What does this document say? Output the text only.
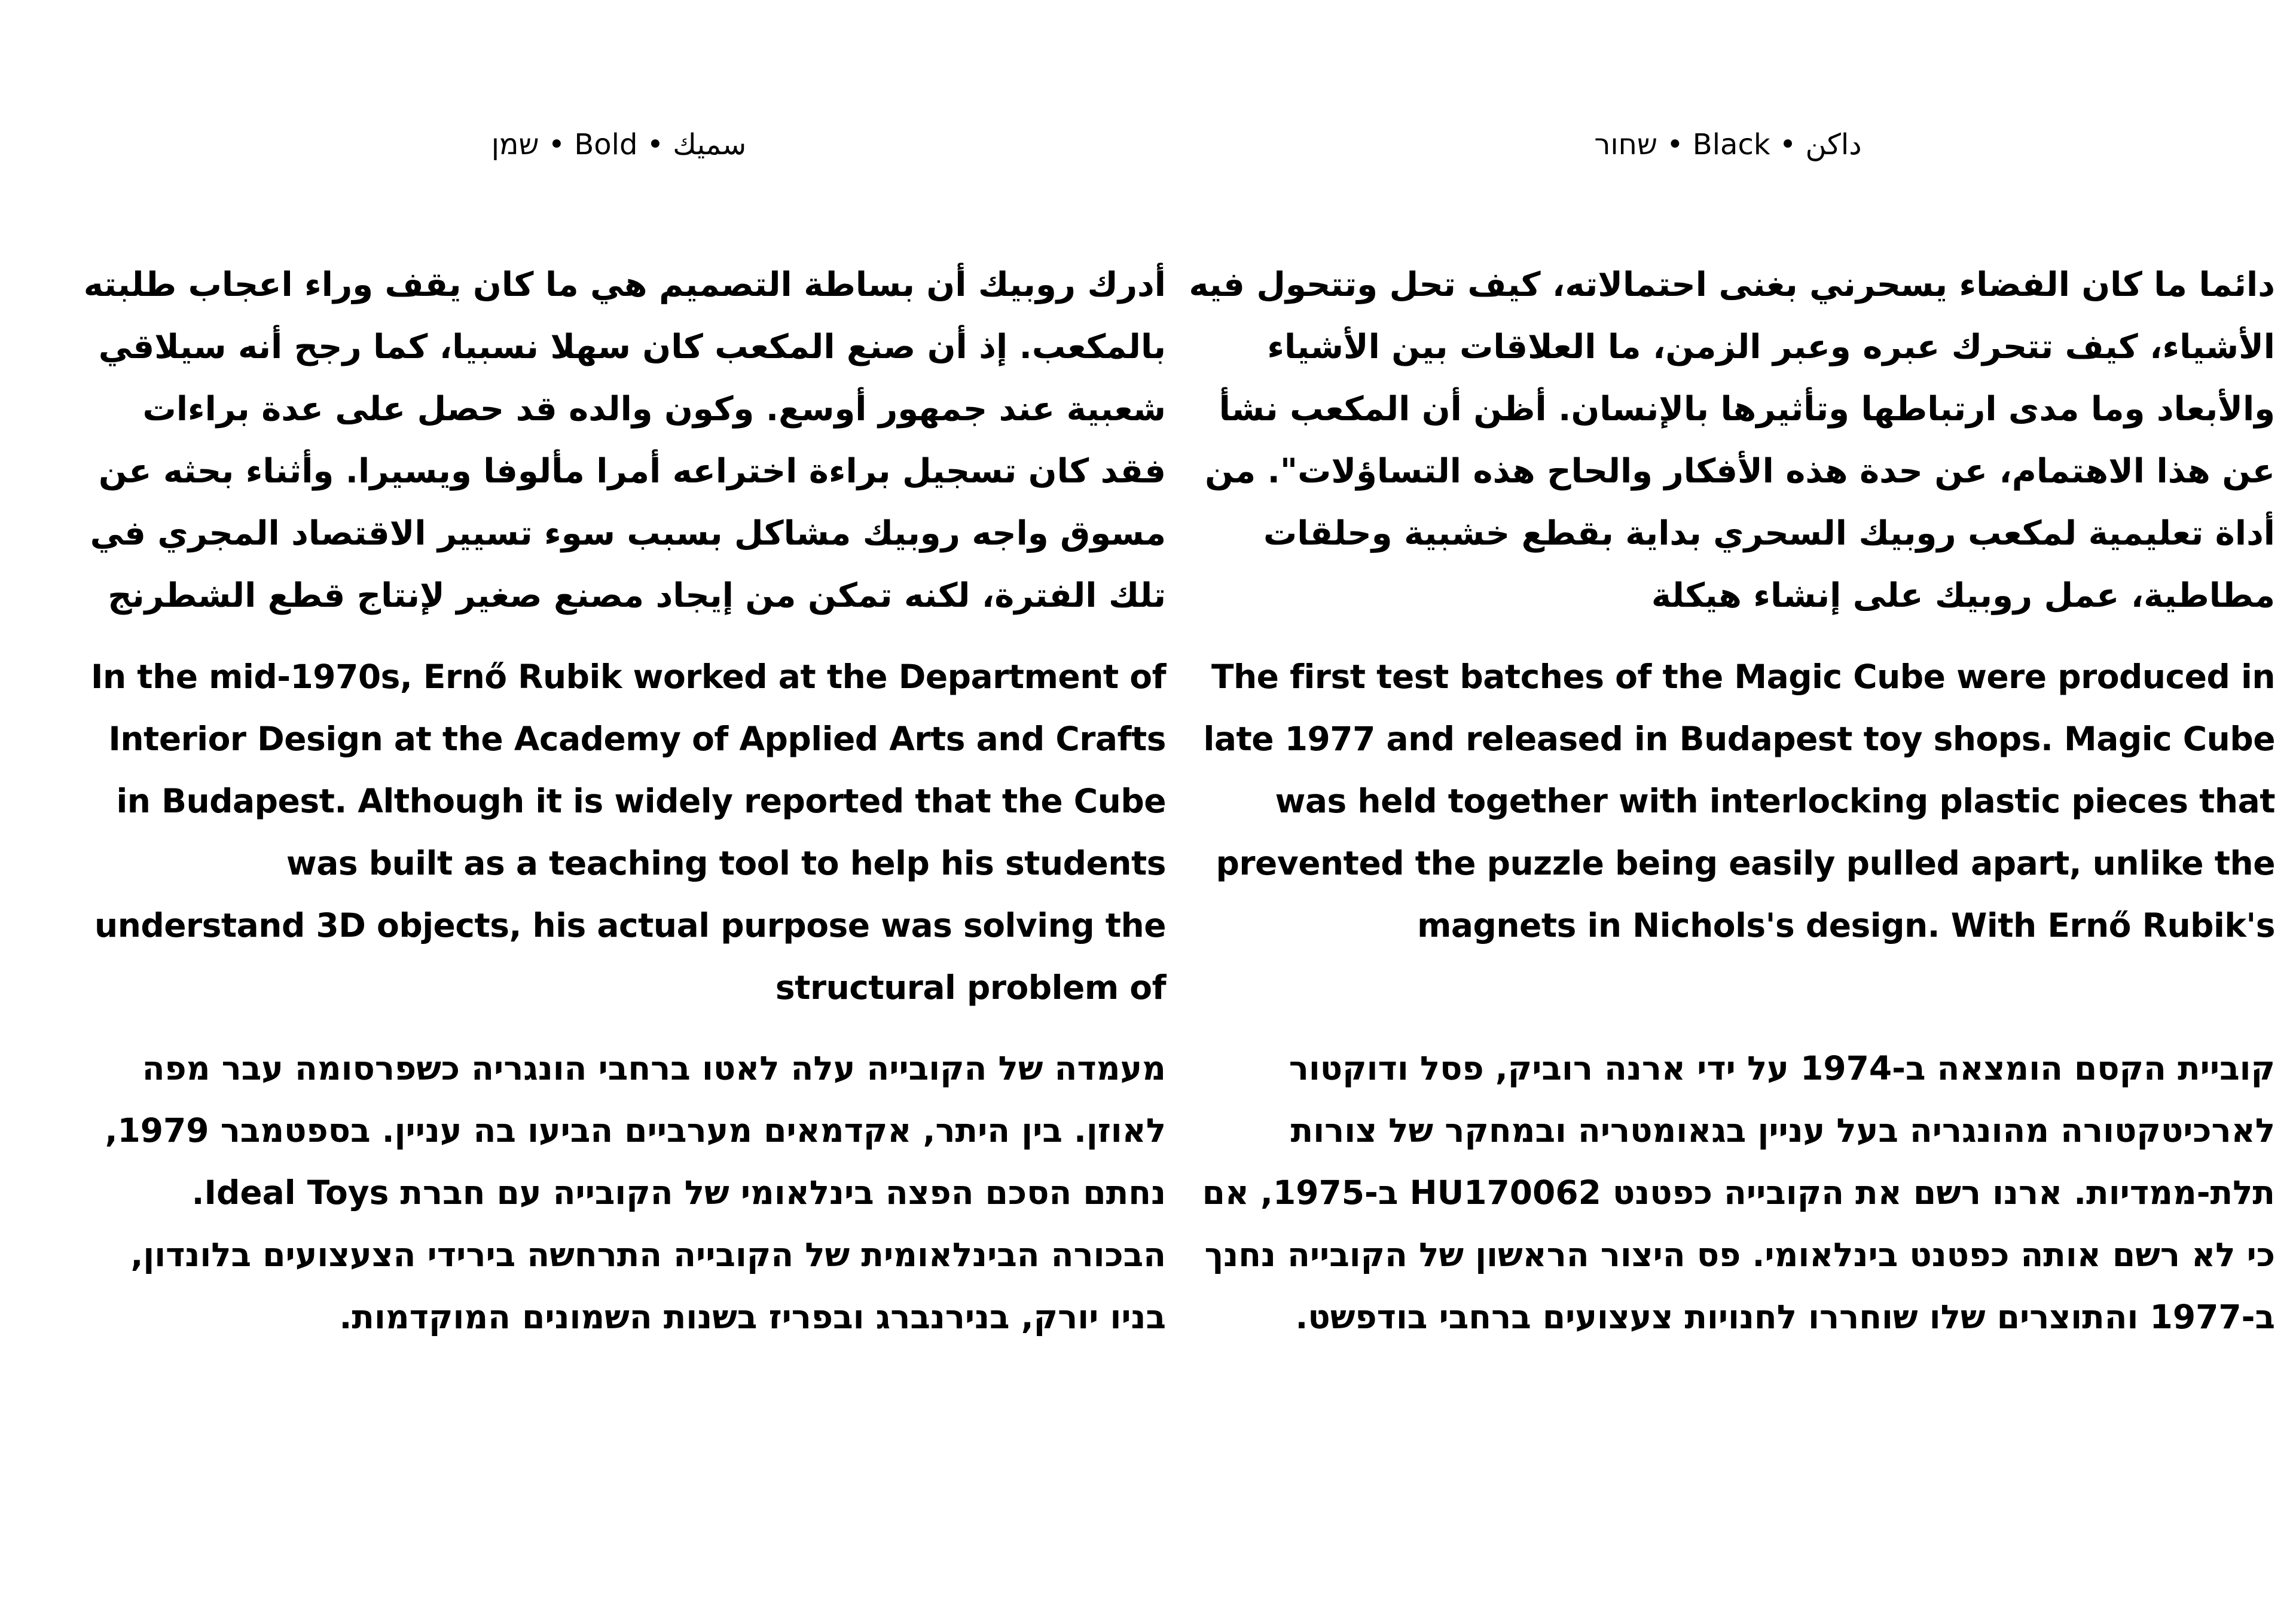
שמן • Bold • سميك

أدرك روبيك أن بساطة التصميم هي ما كان يقف وراء اعجاب طلبته بالمكعب. إذ أن صنع المكعب كان سهلا نسبيا، كما رجح أنه سيلاقي شعبية عند جمهور أوسع. وكون والده قد حصل على عدة براءات فقد كان تسجيل براءة اختراعه أمرا مألوفا ويسيرا. وأثناء بحثه عن مسوق واجه روبيك مشاكل بسبب سوء تسيير الاقتصاد المجري في تلك الفترة، لكنه تمكن من إيجاد مصنع صغير لإنتاج قطع الشطرنج

In the mid-1970s, Ernő Rubik worked at the Department of Interior Design at the Academy of Applied Arts and Crafts in Budapest. Although it is widely reported that the Cube was built as a teaching tool to help his students understand 3D objects, his actual purpose was solving the structural problem of

מעמדה של הקובייה עלה לאטו ברחבי הונגריה כשפרסומה עבר מפה לאוזן. בין היתר, אקדמאים מערביים הביעו בה עניין. בספטמבר 1979, נחתם הסכם הפצה בינלאומי של הקובייה עם חברת Ideal Toys. הבכורה הבינלאומית של הקובייה התרחשה בירידי הצעצועים בלונדון, בניו יורק, בנירנברג ובפריז בשנות השמונים המוקדמות.

שחור • Black • داكن

دائما ما كان الفضاء يسحرني بغنى احتمالاته، كيف تحل وتتحول فيه الأشياء، كيف تتحرك عبره وعبر الزمن، ما العلاقات بين الأشياء والأبعاد وما مدى ارتباطها وتأثيرها بالإنسان. أظن أن المكعب نشأ عن هذا الاهتمام، عن حدة هذه الأفكار والحاح هذه التساؤلات". من أداة تعليمية لمكعب روبيك السحري بداية بقطع خشبية وحلقات مطاطية، عمل روبيك على إنشاء هيكلة

The first test batches of the Magic Cube were produced in late 1977 and released in Budapest toy shops. Magic Cube was held together with interlocking plastic pieces that prevented the puzzle being easily pulled apart, unlike the magnets in Nichols's design. With Ernő Rubik's

קוביית הקסם הומצאה ב-1974 על ידי ארנה רוביק, פסל ודוקטור לארכיטקטורה מהונגריה בעל עניין בגאומטריה ובמחקר של צורות תלת-ממדיות. ארנו רשם את הקובייה כפטנט HU170062 ב-1975, אם כי לא רשם אותה כפטנט בינלאומי. פס היצור הראשון של הקובייה נחנך ב-1977 והתוצרים שלו שוחררו לחנויות צעצועים ברחבי בודפשט.
